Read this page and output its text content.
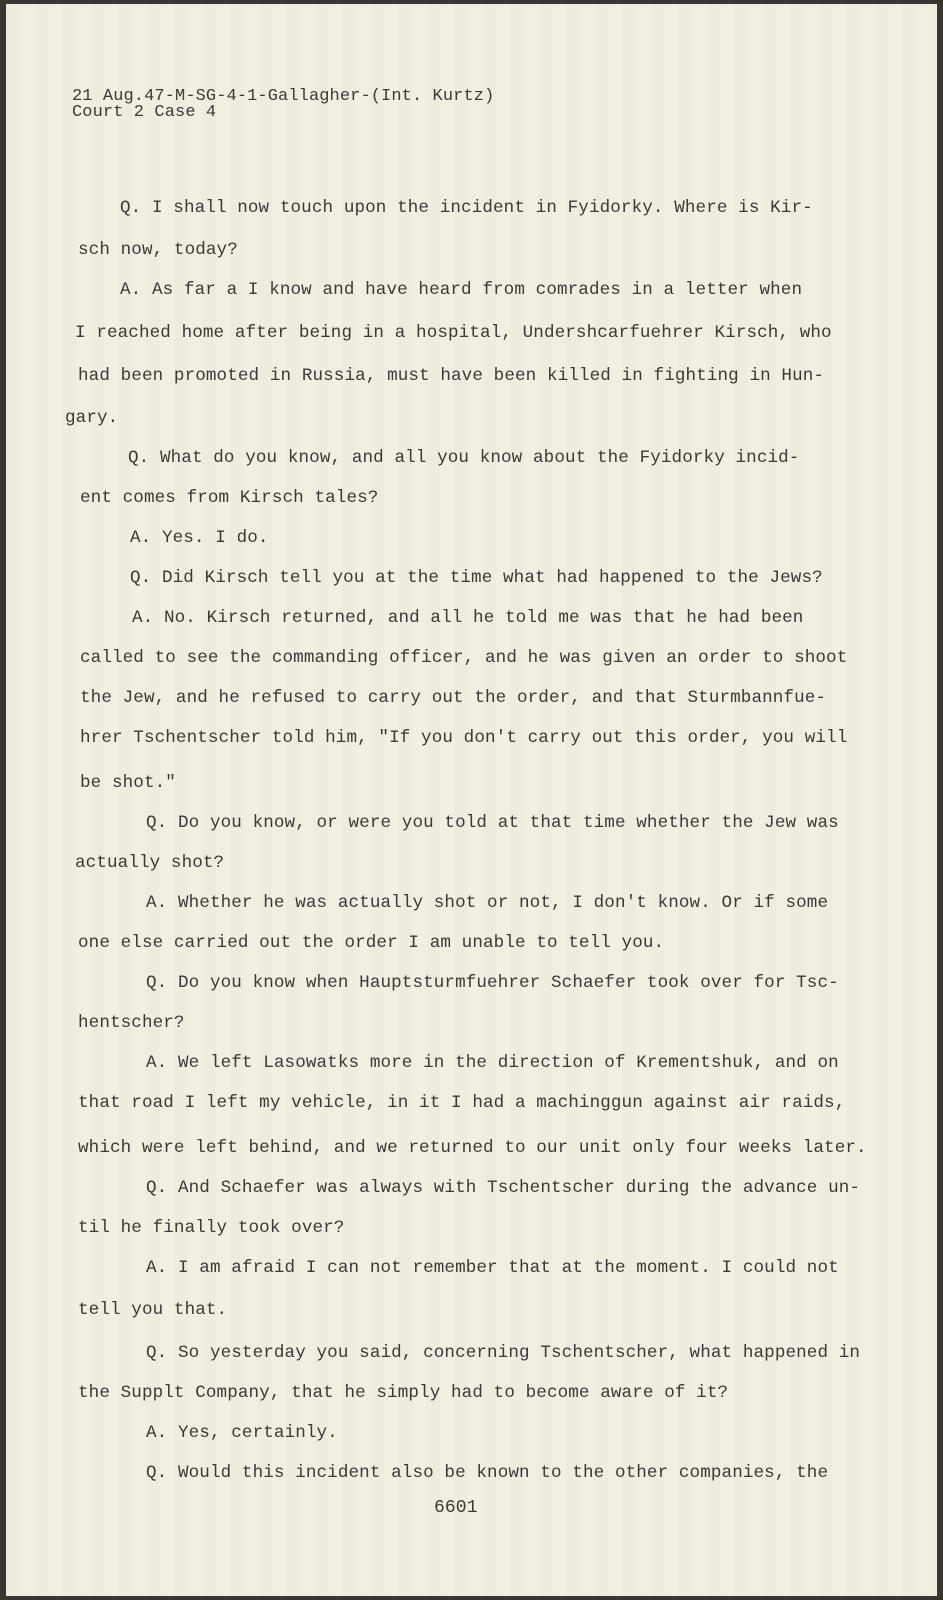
21 Aug.47-M-SG-4-1-Gallagher-(Int. Kurtz)
Court 2 Case 4
Q. I shall now touch upon the incident in Fyidorky. Where is Kir-
sch now, today?
A. As far a I know and have heard from comrades in a letter when
I reached home after being in a hospital, Undershcarfuehrer Kirsch, who
had been promoted in Russia, must have been killed in fighting in Hun-
gary.
Q. What do you know, and all you know about the Fyidorky incid-
ent comes from Kirsch tales?
A. Yes. I do.
Q. Did Kirsch tell you at the time what had happened to the Jews?
A. No. Kirsch returned, and all he told me was that he had been
called to see the commanding officer, and he was given an order to shoot
the Jew, and he refused to carry out the order, and that Sturmbannfue-
hrer Tschentscher told him, "If you don't carry out this order, you will
be shot."
Q. Do you know, or were you told at that time whether the Jew was
actually shot?
A. Whether he was actually shot or not, I don't know. Or if some
one else carried out the order I am unable to tell you.
Q. Do you know when Hauptsturmfuehrer Schaefer took over for Tsc-
hentscher?
A. We left Lasowatks more in the direction of Krementshuk, and on
that road I left my vehicle, in it I had a machinggun against air raids,
which were left behind, and we returned to our unit only four weeks later.
Q. And Schaefer was always with Tschentscher during the advance un-
til he finally took over?
A. I am afraid I can not remember that at the moment. I could not
tell you that.
Q. So yesterday you said, concerning Tschentscher, what happened in
the Supplt Company, that he simply had to become aware of it?
A. Yes, certainly.
Q. Would this incident also be known to the other companies, the
6601
